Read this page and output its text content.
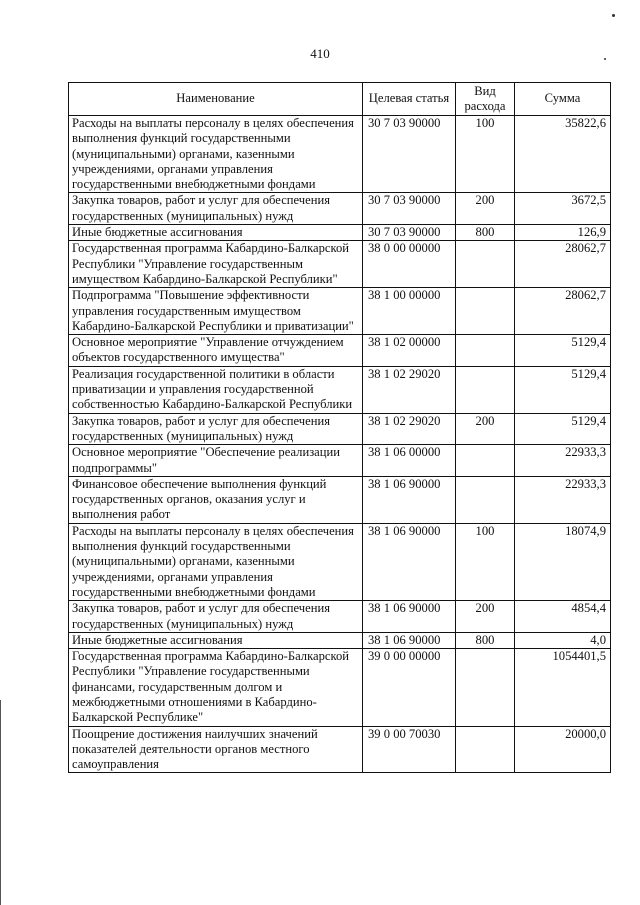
410
Наименование	Целевая статья	Вид расхода	Сумма
Расходы на выплаты персоналу в целях обеспечения выполнения функций государственными (муниципальными) органами, казенными учреждениями, органами управления государственными внебюджетными фондами	30 7 03 90000	100	35822,6
Закупка товаров, работ и услуг для обеспечения государственных (муниципальных) нужд	30 7 03 90000	200	3672,5
Иные бюджетные ассигнования	30 7 03 90000	800	126,9
Государственная программа Кабардино-Балкарской Республики "Управление государственным имуществом Кабардино-Балкарской Республики"	38 0 00 00000		28062,7
Подпрограмма "Повышение эффективности управления государственным имуществом Кабардино-Балкарской Республики и приватизации"	38 1 00 00000		28062,7
Основное мероприятие "Управление отчуждением объектов государственного имущества"	38 1 02 00000		5129,4
Реализация государственной политики в области приватизации и управления государственной собственностью Кабардино-Балкарской Республики	38 1 02 29020		5129,4
Закупка товаров, работ и услуг для обеспечения государственных (муниципальных) нужд	38 1 02 29020	200	5129,4
Основное мероприятие "Обеспечение реализации подпрограммы"	38 1 06 00000		22933,3
Финансовое обеспечение выполнения функций государственных органов, оказания услуг и выполнения работ	38 1 06 90000		22933,3
Расходы на выплаты персоналу в целях обеспечения выполнения функций государственными (муниципальными) органами, казенными учреждениями, органами управления государственными внебюджетными фондами	38 1 06 90000	100	18074,9
Закупка товаров, работ и услуг для обеспечения государственных (муниципальных) нужд	38 1 06 90000	200	4854,4
Иные бюджетные ассигнования	38 1 06 90000	800	4,0
Государственная программа Кабардино-Балкарской Республики "Управление государственными финансами, государственным долгом и межбюджетными отношениями в Кабардино-Балкарской Республике"	39 0 00 00000		1054401,5
Поощрение достижения наилучших значений показателей деятельности органов местного самоуправления	39 0 00 70030		20000,0
